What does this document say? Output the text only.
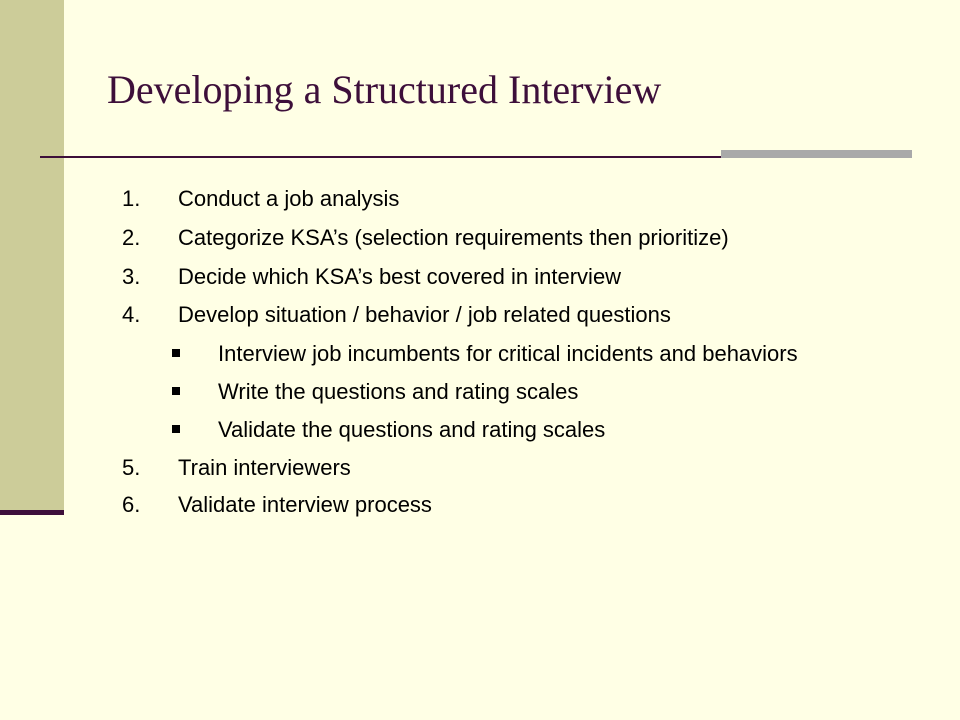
Developing a Structured Interview
1. Conduct a job analysis
2. Categorize KSA’s (selection requirements then prioritize)
3. Decide which KSA’s best covered in interview
4. Develop situation / behavior / job related questions
Interview job incumbents for critical incidents and behaviors
Write the questions and rating scales
Validate the questions and rating scales
5. Train interviewers
6. Validate interview process
